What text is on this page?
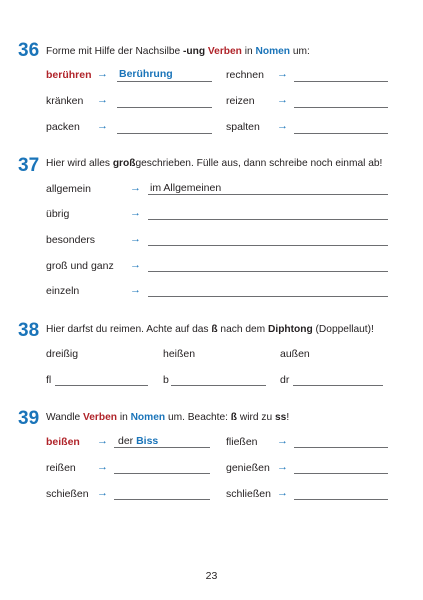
36 Forme mit Hilfe der Nachsilbe -ung Verben in Nomen um:
berühren → Berührung	rechnen →
kränken →	reizen →
packen →	spalten →
37 Hier wird alles großgeschrieben. Fülle aus, dann schreibe noch einmal ab!
allgemein	→ im Allgemeinen
übrig	→
besonders	→
groß und ganz →
einzeln	→
38 Hier darfst du reimen. Achte auf das ß nach dem Diphtong (Doppellaut)!
dreißig	heißen	außen
fl	b	dr
39 Wandle Verben in Nomen um. Beachte: ß wird zu ss!
beißen → der Biss	fließen →
reißen →	genießen →
schießen →	schließen →
23
